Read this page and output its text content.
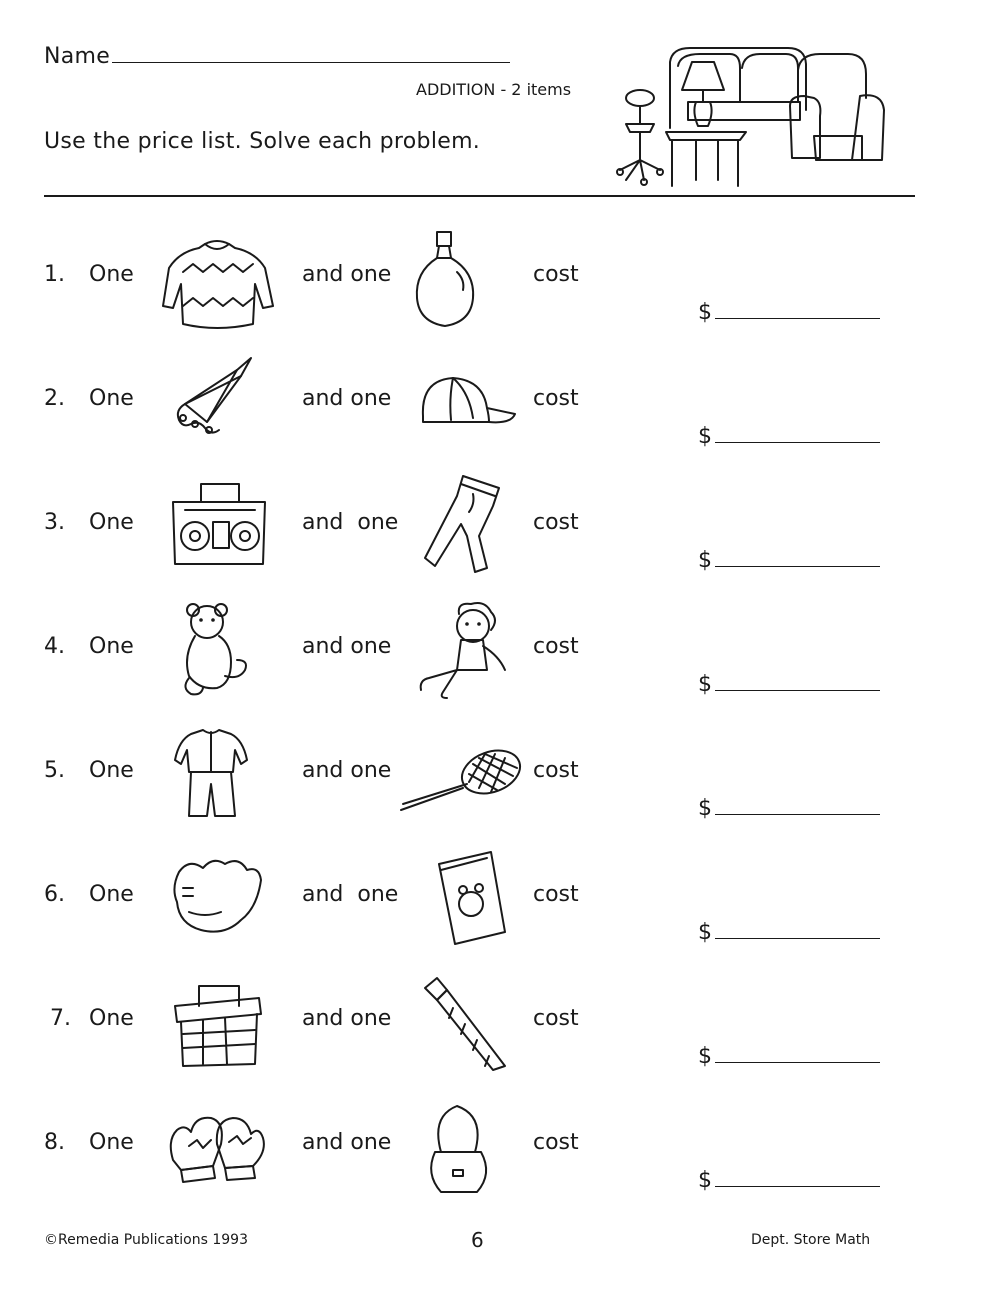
Name
ADDITION - 2 items
Use the price list. Solve each problem.
1. One	and one	cost
$
2. One	and one	cost
$
3. One	and  one	cost
$
4. One	and one	cost
$
5. One	and one	cost
$
6. One	and  one	cost
$
7. One	and one	cost
$
8. One	and one	cost
$
©Remedia Publications 1993	6	Dept. Store Math
